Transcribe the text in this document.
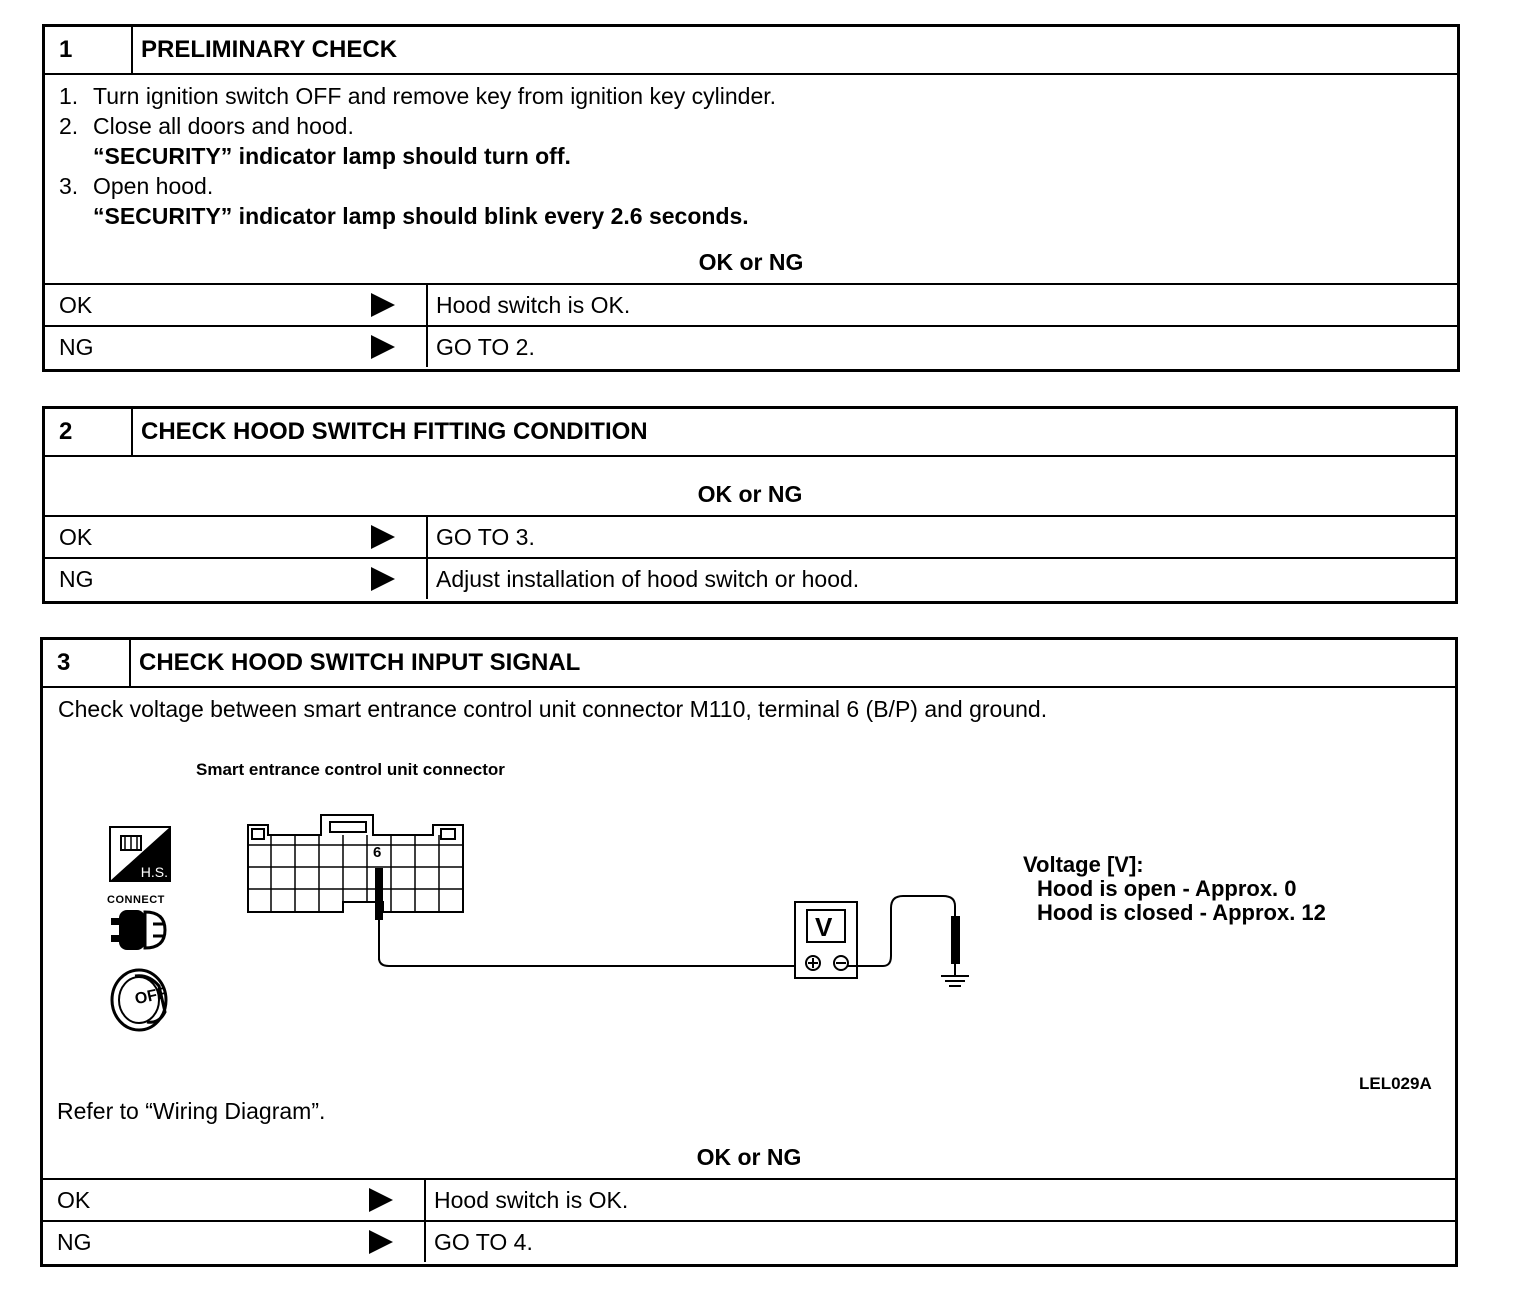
1	PRELIMINARY CHECK
1. Turn ignition switch OFF and remove key from ignition key cylinder.
2. Close all doors and hood.
“SECURITY” indicator lamp should turn off.
3. Open hood.
“SECURITY” indicator lamp should blink every 2.6 seconds.
OK or NG
OK	Hood switch is OK.
NG	GO TO 2.
2	CHECK HOOD SWITCH FITTING CONDITION
OK or NG
OK	GO TO 3.
NG	Adjust installation of hood switch or hood.
3	CHECK HOOD SWITCH INPUT SIGNAL
Check voltage between smart entrance control unit connector M110, terminal 6 (B/P) and ground.
Smart entrance control unit connector
H.S.
CONNECT
OFF
6
V
Voltage [V]:
Hood is open - Approx. 0
Hood is closed - Approx. 12
LEL029A
Refer to “Wiring Diagram”.
OK or NG
OK	Hood switch is OK.
NG	GO TO 4.
